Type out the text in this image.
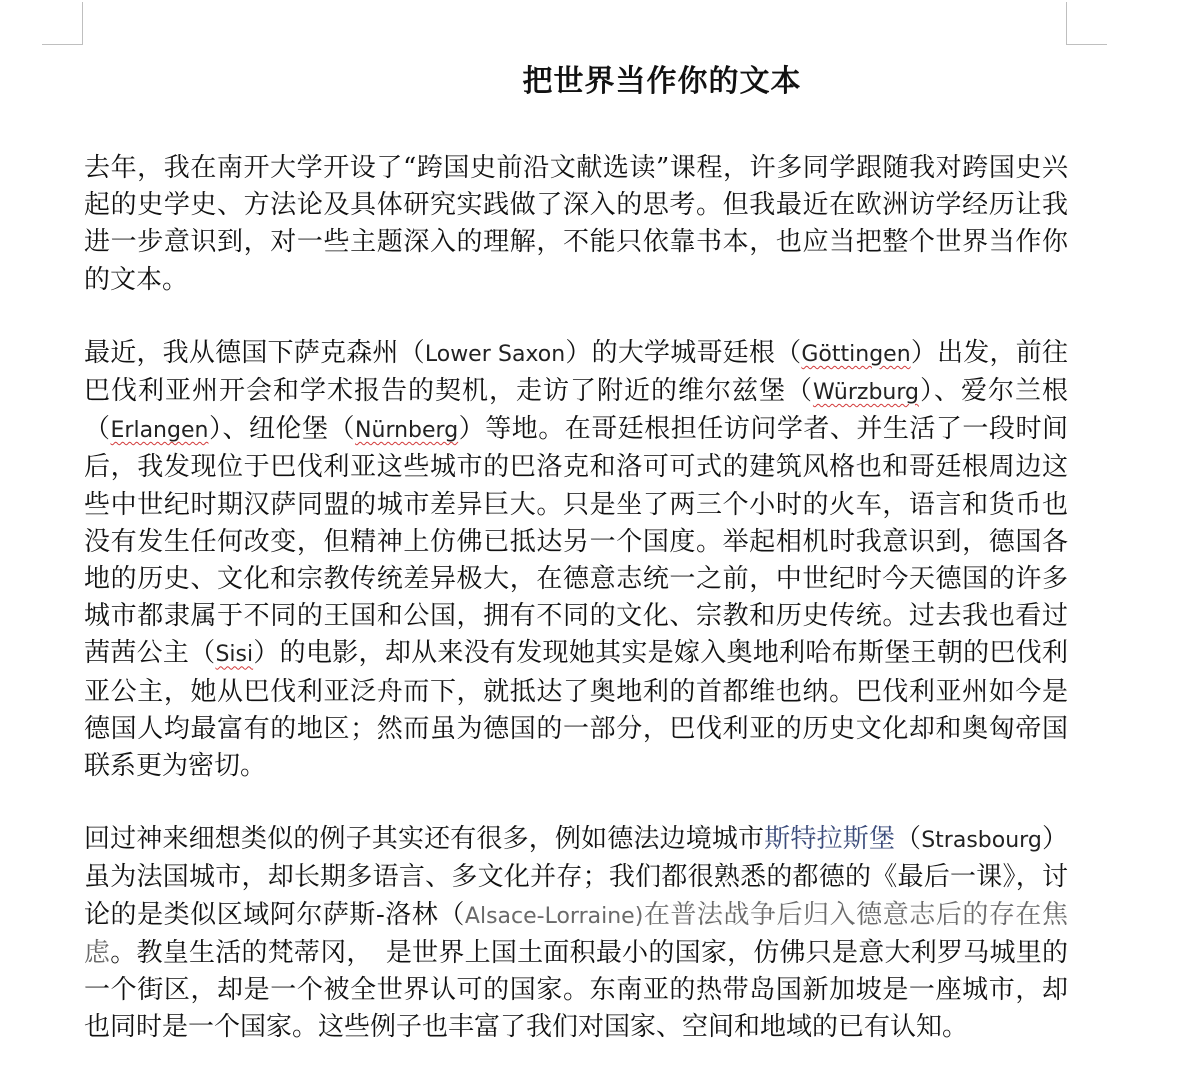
把世界当作你的文本

去年，我在南开大学开设了“跨国史前沿文献选读”课程，许多同学跟随我对跨国史兴起的史学史、方法论及具体研究实践做了深入的思考。但我最近在欧洲访学经历让我进一步意识到，对一些主题深入的理解，不能只依靠书本，也应当把整个世界当作你的文本。

最近，我从德国下萨克森州（Lower Saxon）的大学城哥廷根（Göttingen）出发，前往巴伐利亚州开会和学术报告的契机，走访了附近的维尔兹堡（Würzburg）、爱尔兰根（Erlangen）、纽伦堡（Nürnberg）等地。在哥廷根担任访问学者、并生活了一段时间后，我发现位于巴伐利亚这些城市的巴洛克和洛可可式的建筑风格也和哥廷根周边这些中世纪时期汉萨同盟的城市差异巨大。只是坐了两三个小时的火车，语言和货币也没有发生任何改变，但精神上仿佛已抵达另一个国度。举起相机时我意识到，德国各地的历史、文化和宗教传统差异极大，在德意志统一之前，中世纪时今天德国的许多城市都隶属于不同的王国和公国，拥有不同的文化、宗教和历史传统。过去我也看过茜茜公主（Sisi）的电影，却从来没有发现她其实是嫁入奥地利哈布斯堡王朝的巴伐利亚公主，她从巴伐利亚泛舟而下，就抵达了奥地利的首都维也纳。巴伐利亚州如今是德国人均最富有的地区；然而虽为德国的一部分，巴伐利亚的历史文化却和奥匈帝国联系更为密切。

回过神来细想类似的例子其实还有很多，例如德法边境城市斯特拉斯堡（Strasbourg）虽为法国城市，却长期多语言、多文化并存；我们都很熟悉的都德的《最后一课》，讨论的是类似区域阿尔萨斯-洛林（Alsace-Lorraine)在普法战争后归入德意志后的存在焦虑。教皇生活的梵蒂冈，　是世界上国土面积最小的国家，仿佛只是意大利罗马城里的一个街区，却是一个被全世界认可的国家。东南亚的热带岛国新加坡是一座城市，却也同时是一个国家。这些例子也丰富了我们对国家、空间和地域的已有认知。
